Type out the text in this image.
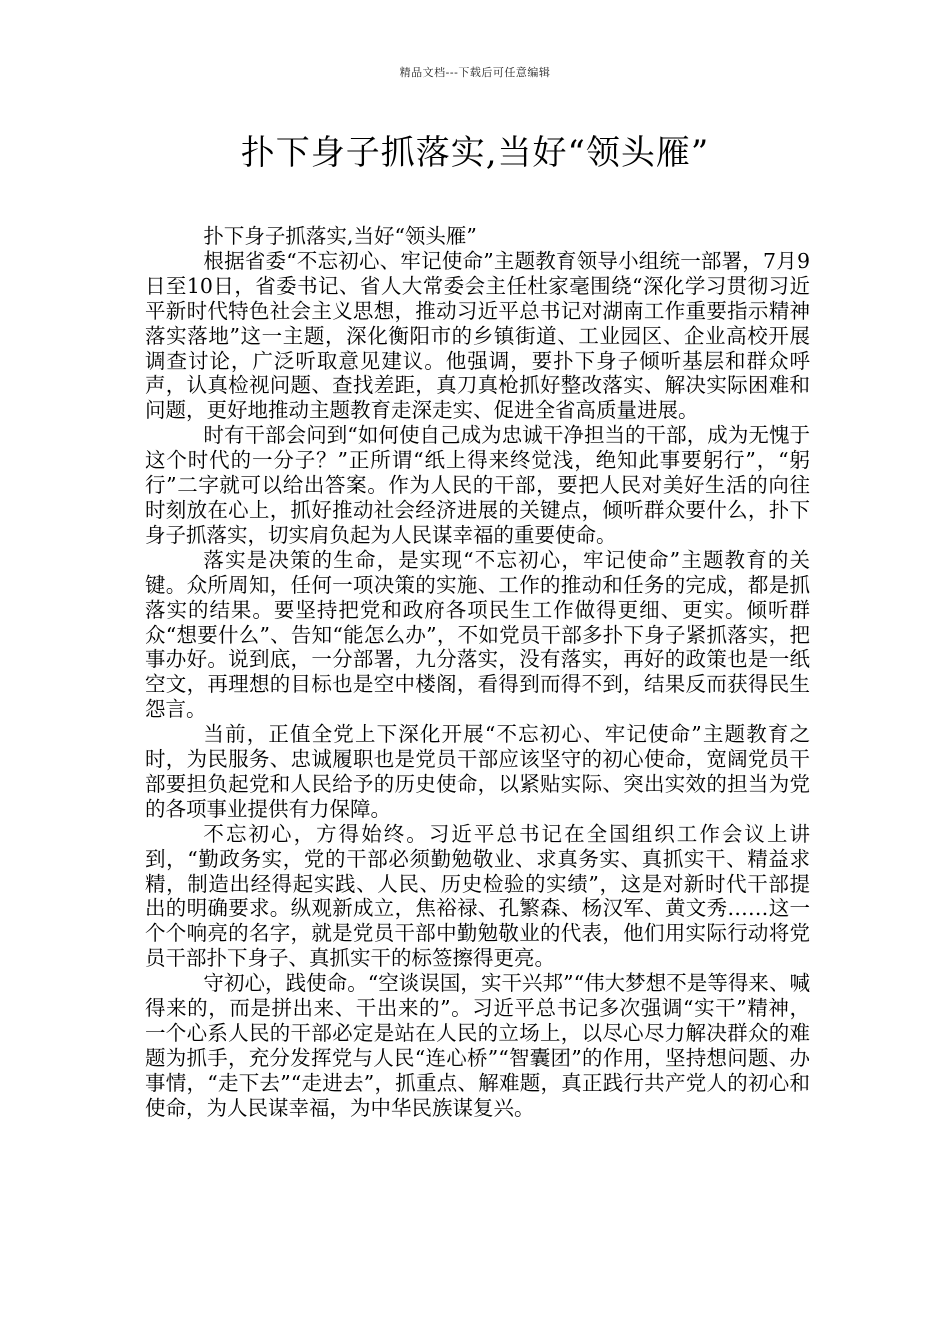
精品文档---下载后可任意编辑
扑下身子抓落实,当好“领头雁”

扑下身子抓落实,当好“领头雁”

根据省委“不忘初心、牢记使命”主题教育领导小组统一部署，7月9日至10日，省委书记、省人大常委会主任杜家毫围绕“深化学习贯彻习近平新时代特色社会主义思想，推动习近平总书记对湖南工作重要指示精神落实落地”这一主题，深化衡阳市的乡镇街道、工业园区、企业高校开展调查讨论，广泛听取意见建议。他强调，要扑下身子倾听基层和群众呼声，认真检视问题、查找差距，真刀真枪抓好整改落实、解决实际困难和问题，更好地推动主题教育走深走实、促进全省高质量进展。

时有干部会问到“如何使自己成为忠诚干净担当的干部，成为无愧于这个时代的一分子？”正所谓“纸上得来终觉浅，绝知此事要躬行”，“躬行”二字就可以给出答案。作为人民的干部，要把人民对美好生活的向往时刻放在心上，抓好推动社会经济进展的关键点，倾听群众要什么，扑下身子抓落实，切实肩负起为人民谋幸福的重要使命。

落实是决策的生命，是实现“不忘初心，牢记使命”主题教育的关键。众所周知，任何一项决策的实施、工作的推动和任务的完成，都是抓落实的结果。要坚持把党和政府各项民生工作做得更细、更实。倾听群众“想要什么”、告知“能怎么办”，不如党员干部多扑下身子紧抓落实，把事办好。说到底，一分部署，九分落实，没有落实，再好的政策也是一纸空文，再理想的目标也是空中楼阁，看得到而得不到，结果反而获得民生怨言。

当前，正值全党上下深化开展“不忘初心、牢记使命”主题教育之时，为民服务、忠诚履职也是党员干部应该坚守的初心使命，宽阔党员干部要担负起党和人民给予的历史使命，以紧贴实际、突出实效的担当为党的各项事业提供有力保障。

不忘初心，方得始终。习近平总书记在全国组织工作会议上讲到，“勤政务实，党的干部必须勤勉敬业、求真务实、真抓实干、精益求精，制造出经得起实践、人民、历史检验的实绩”，这是对新时代干部提出的明确要求。纵观新成立，焦裕禄、孔繁森、杨汉军、黄文秀……这一个个响亮的名字，就是党员干部中勤勉敬业的代表，他们用实际行动将党员干部扑下身子、真抓实干的标签擦得更亮。

守初心，践使命。“空谈误国，实干兴邦”“伟大梦想不是等得来、喊得来的，而是拼出来、干出来的”。习近平总书记多次强调“实干”精神，一个心系人民的干部必定是站在人民的立场上，以尽心尽力解决群众的难题为抓手，充分发挥党与人民“连心桥”“智囊团”的作用，坚持想问题、办事情，“走下去”“走进去”，抓重点、解难题，真正践行共产党人的初心和使命，为人民谋幸福，为中华民族谋复兴。
